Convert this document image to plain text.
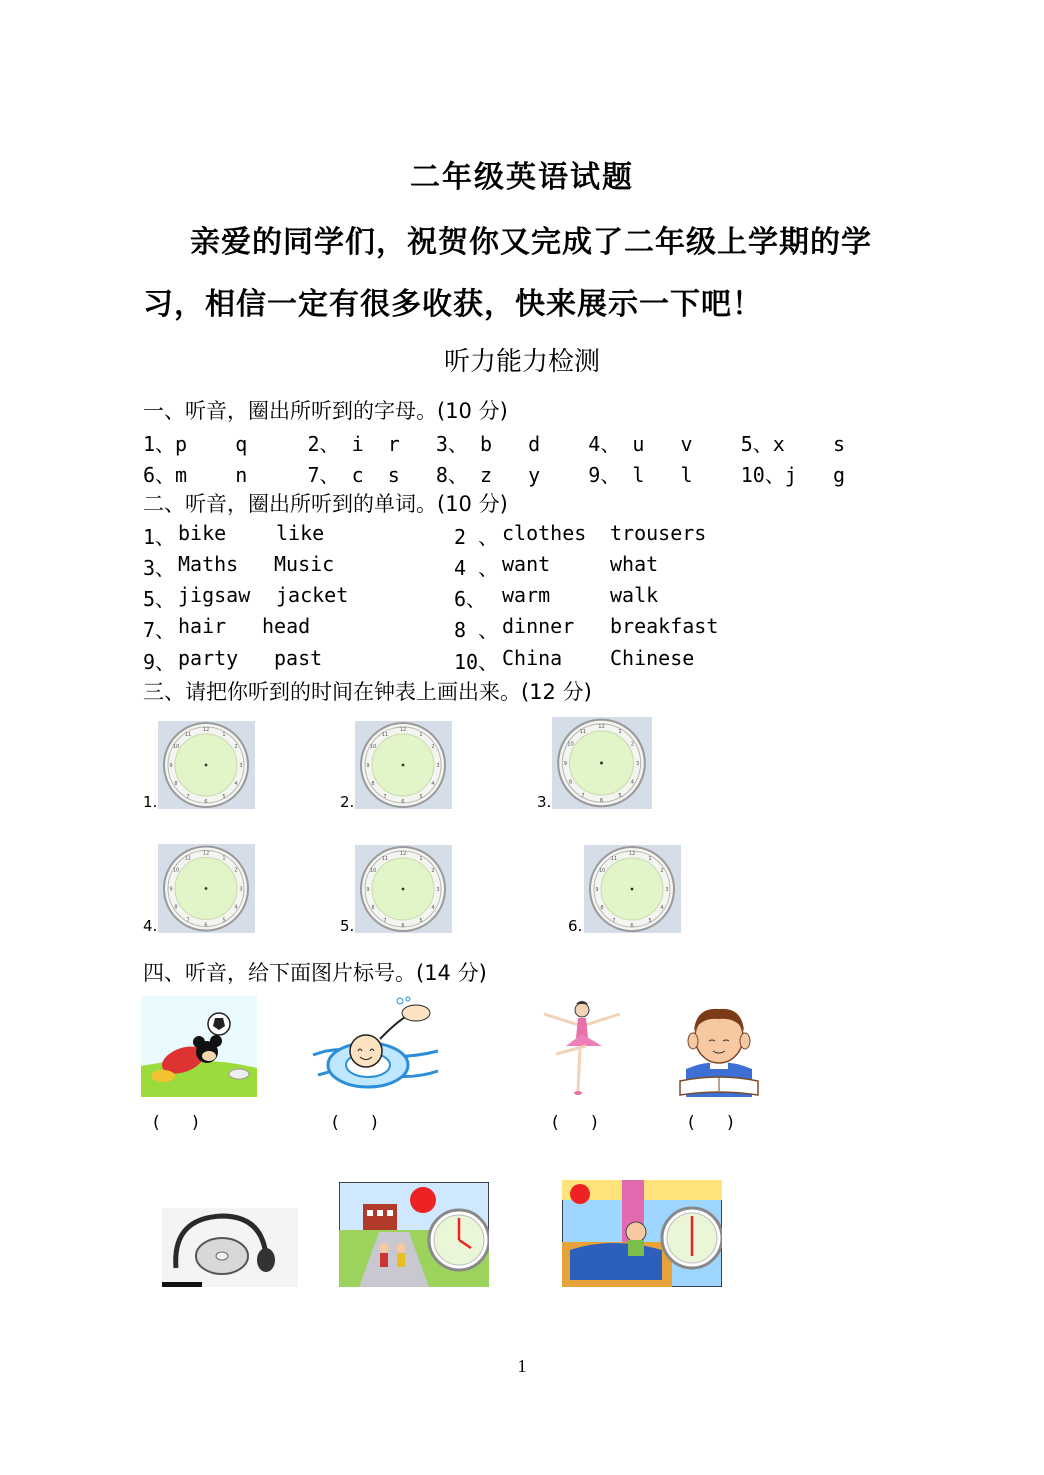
二年级英语试题
亲爱的同学们，祝贺你又完成了二年级上学期的学
习，相信一定有很多收获，快来展示一下吧！
听力能力检测
一、听音，圈出所听到的字母。(10 分)
1、p    q     2、 i  r   3、 b   d    4、 u   v    5、x    s
6、m    n     7、 c  s   8、 z   y    9、 l   l    10、j   g
二、听音，圈出所听到的单词。(10 分)
1、 bike like	2 、 clothes trousers
3、 Maths Music	4 、 want	what
5、 jigsaw jacket	6、 warm	walk
7、 hair head	8 、 dinner breakfast
9、 party past	10、 China Chinese
三、请把你听到的时间在钟表上画出来。(12 分)
1.	2.	3.
4.	5.	6.
四、听音，给下面图片标号。(14 分)
(      )	(      )	(      )	(      )
1
